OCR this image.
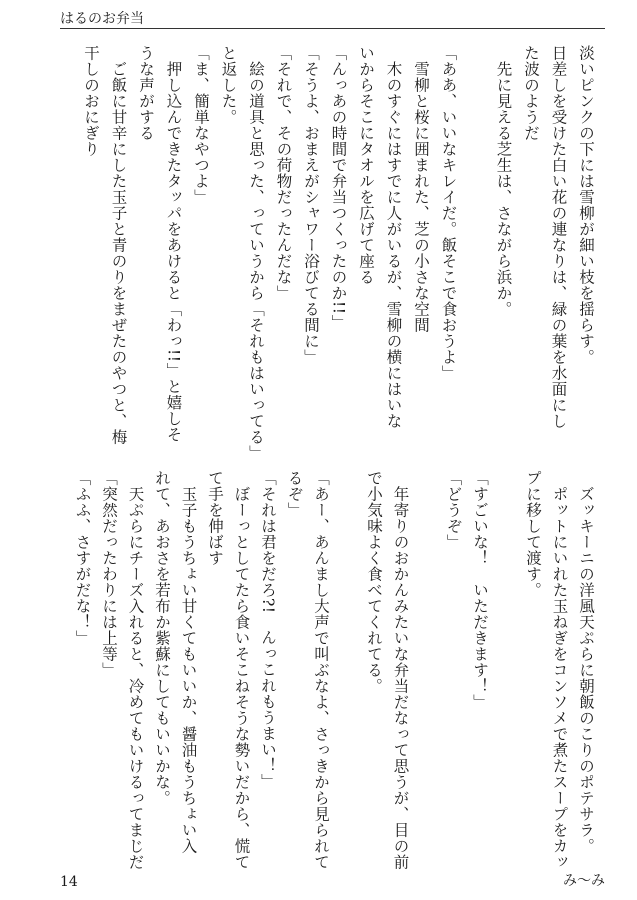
はるのお弁当
淡いピンクの下には雪柳が細い枝を揺らす。
日差しを受けた白い花の連なりは、緑の葉を水面にし
た波のようだ
　先に見える芝生は、さながら浜か。
「ああ、いいなキレイだ。飯そこで食おうよ」
　雪柳と桜に囲まれた、芝の小さな空間
　木のすぐにはすでに人がいるが、雪柳の横にはいな
いからそこにタオルを広げて座る
「んっあの時間で弁当つくったのか!!」
「そうよ、おまえがシャワー浴びてる間に」
「それで、その荷物だったんだな」
　絵の道具と思った、っていうから「それもはいってる」
と返した。
「ま、簡単なやつよ」
　押し込んできたタッパをあけると「わっ!!」と嬉しそ
うな声がする
　ご飯に甘辛にした玉子と青のりをまぜたのやつと、梅
干しのおにぎり
　ズッキーニの洋風天ぷらに朝飯のこりのポテサラ。
　ポットにいれた玉ねぎをコンソメで煮たスープをカッ
プに移して渡す。
「すごいな！　いただきます！」
「どうぞ」
　年寄りのおかんみたいな弁当だなって思うが、目の前
で小気味よく食べてくれてる。
「あー、あんまし大声で叫ぶなよ、さっきから見られて
るぞ」
「それは君をだろ?!　んっこれもうまい！」
　ぼーっとしてたら食いそこねそうな勢いだから、慌て
て手を伸ばす
　玉子もうちょい甘くてもいいか、醤油もうちょい入
れて、あおさを若布か紫蘇にしてもいいかな。
　天ぷらにチーズ入れると、冷めてもいけるってまじだ
「突然だったわりには上等」
「ふふ、さすがだな！」
14	み〜み
